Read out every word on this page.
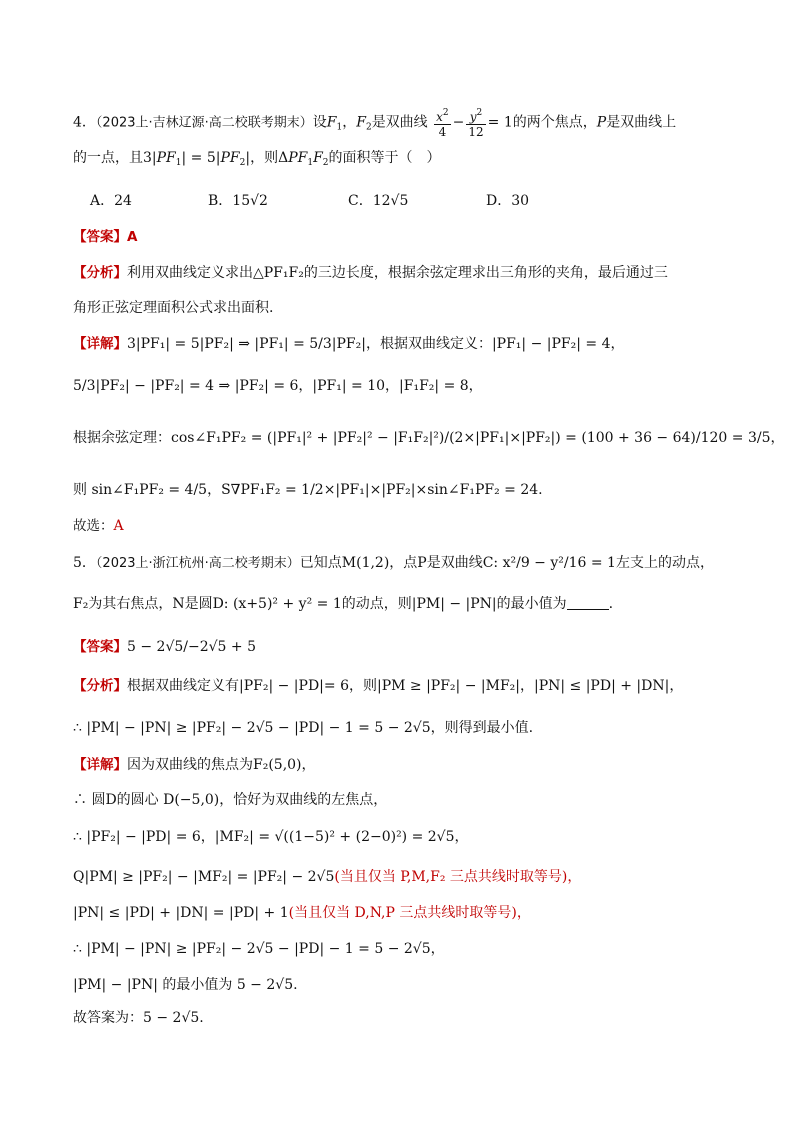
4．（2023上·吉林辽源·高二校联考期末）设$F_1$，$F_2$是双曲线 $\frac{x^2}{4} - \frac{y^2}{12} = 1$的两个焦点，P是双曲线上
的一点，且$3|PF_1| = 5|PF_2|$，则$\Delta PF_1F_2$的面积等于（　）
A．24	B．15√2	C．12√5	D．30
【答案】A
【分析】利用双曲线定义求出△PF₁F₂的三边长度，根据余弦定理求出三角形的夹角，最后通过三
角形正弦定理面积公式求出面积.
【详解】3|PF₁| = 5|PF₂| ⇒ |PF₁| = 5/3|PF₂|，根据双曲线定义：|PF₁| − |PF₂| = 4，
5/3|PF₂| − |PF₂| = 4 ⇒ |PF₂| = 6，|PF₁| = 10，|F₁F₂| = 8，
根据余弦定理：cos∠F₁PF₂ = (|PF₁|² + |PF₂|² − |F₁F₂|²)/(2×|PF₁|×|PF₂|) = (100 + 36 − 64)/120 = 3/5，
则 sin∠F₁PF₂ = 4/5，S∇PF₁F₂ = 1/2×|PF₁|×|PF₂|×sin∠F₁PF₂ = 24.
故选：A
5．（2023上·浙江杭州·高二校考期末）已知点M(1,2)，点P是双曲线C: x²/9 − y²/16 = 1左支上的动点，
F₂为其右焦点，N是圆D: (x+5)² + y² = 1的动点，则|PM| − |PN|的最小值为	.
【答案】5 − 2√5/−2√5 + 5
【分析】根据双曲线定义有|PF₂| − |PD|= 6，则|PM ≥ |PF₂| − |MF₂|，|PN| ≤ |PD| + |DN|，
∴ |PM| − |PN| ≥ |PF₂| − 2√5 − |PD| − 1 = 5 − 2√5，则得到最小值.
【详解】因为双曲线的焦点为F₂(5,0)，
∴ 圆D的圆心 D(−5,0)，恰好为双曲线的左焦点，
∴ |PF₂| − |PD| = 6，|MF₂| = √((1−5)² + (2−0)²) = 2√5，
Q|PM| ≥ |PF₂| − |MF₂| = |PF₂| − 2√5(当且仅当 P,M,F₂ 三点共线时取等号)，
|PN| ≤ |PD| + |DN| = |PD| + 1(当且仅当 D,N,P 三点共线时取等号)，
∴ |PM| − |PN| ≥ |PF₂| − 2√5 − |PD| − 1 = 5 − 2√5，
|PM| − |PN| 的最小值为 5 − 2√5.
故答案为：5 − 2√5.
